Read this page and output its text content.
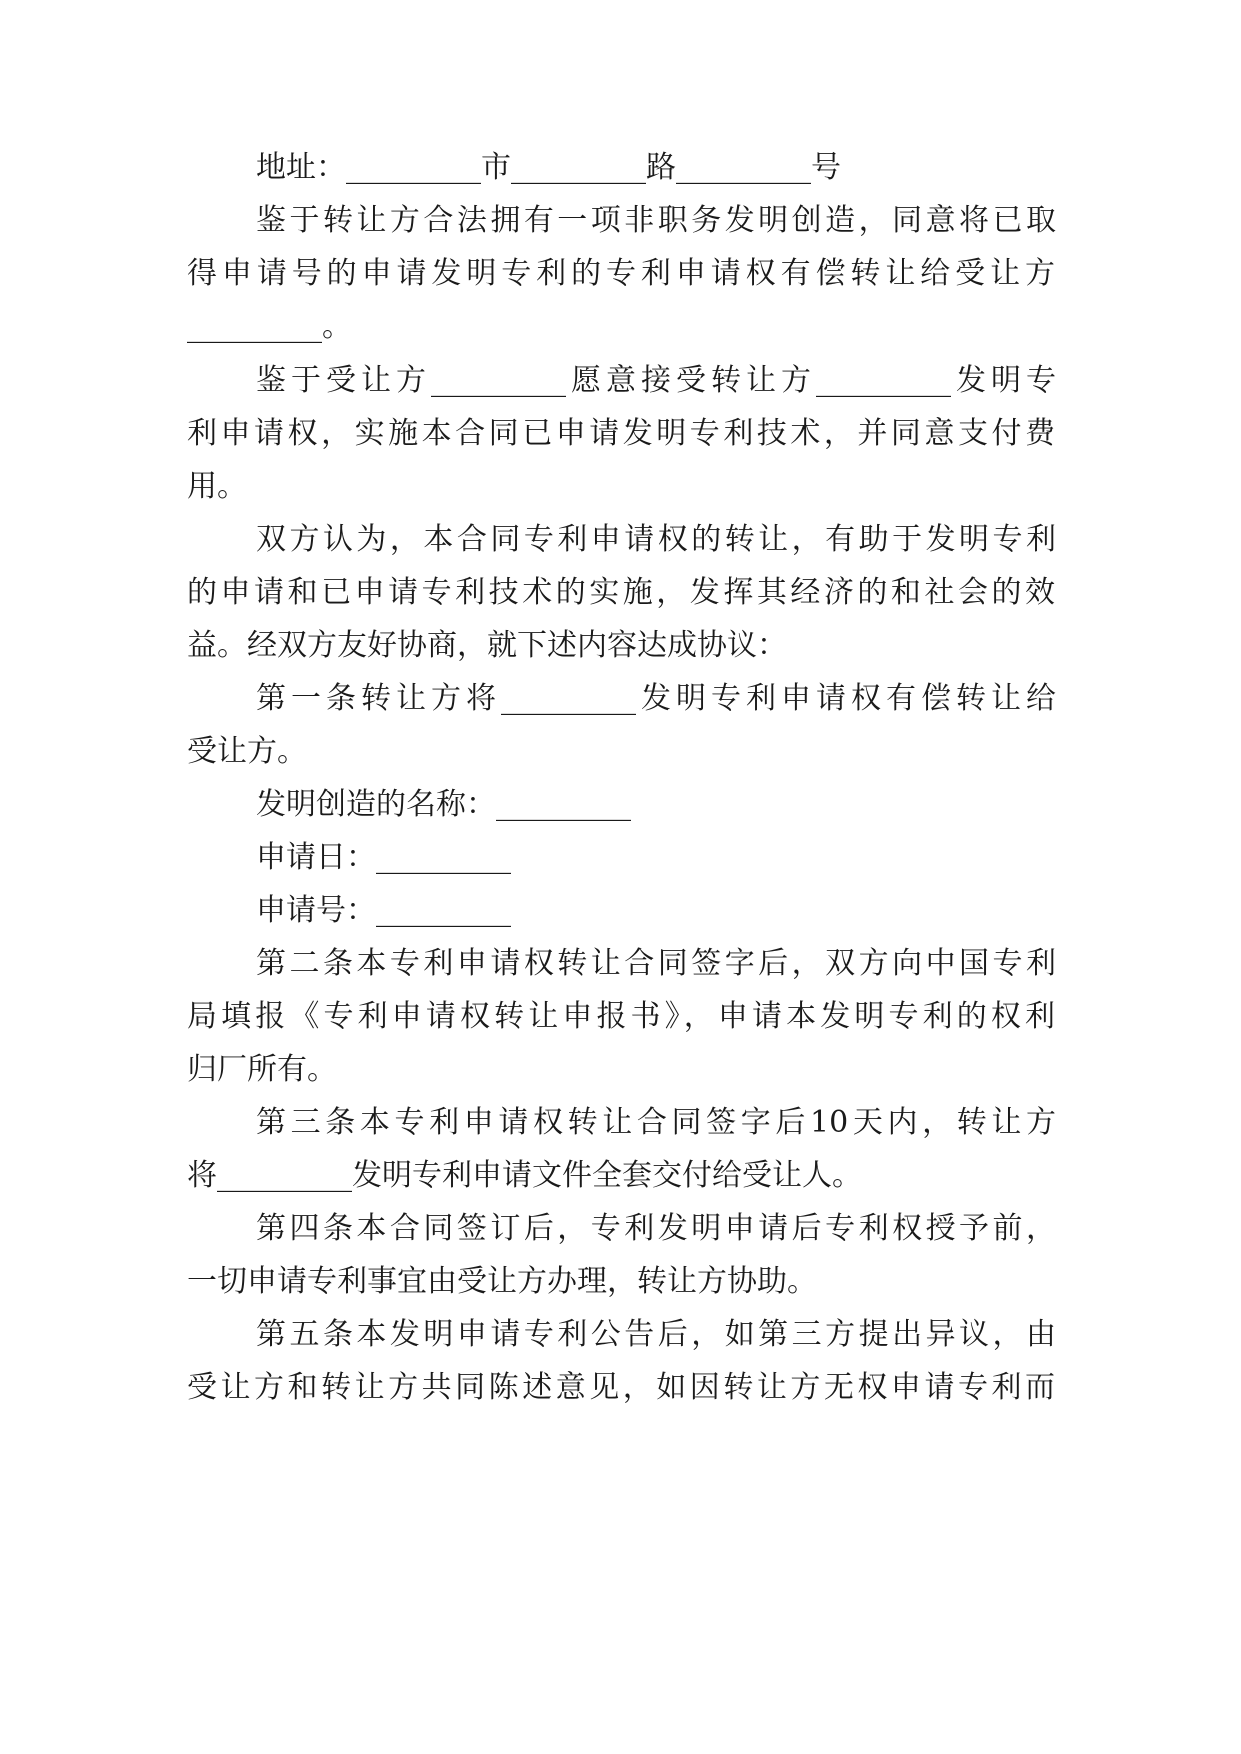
地址：_________市_________路_________号
鉴于转让方合法拥有一项非职务发明创造，同意将已取
得申请号的申请发明专利的专利申请权有偿转让给受让方
_________。
鉴于受让方_________愿意接受转让方_________发明专
利申请权，实施本合同已申请发明专利技术，并同意支付费
用。
双方认为，本合同专利申请权的转让，有助于发明专利
的申请和已申请专利技术的实施，发挥其经济的和社会的效
益。经双方友好协商，就下述内容达成协议：
第一条转让方将_________发明专利申请权有偿转让给
受让方。
发明创造的名称：_________
申请日：_________
申请号：_________
第二条本专利申请权转让合同签字后，双方向中国专利
局填报《专利申请权转让申报书》，申请本发明专利的权利
归厂所有。
第三条本专利申请权转让合同签字后10天内，转让方
将_________发明专利申请文件全套交付给受让人。
第四条本合同签订后，专利发明申请后专利权授予前，
一切申请专利事宜由受让方办理，转让方协助。
第五条本发明申请专利公告后，如第三方提出异议，由
受让方和转让方共同陈述意见，如因转让方无权申请专利而
